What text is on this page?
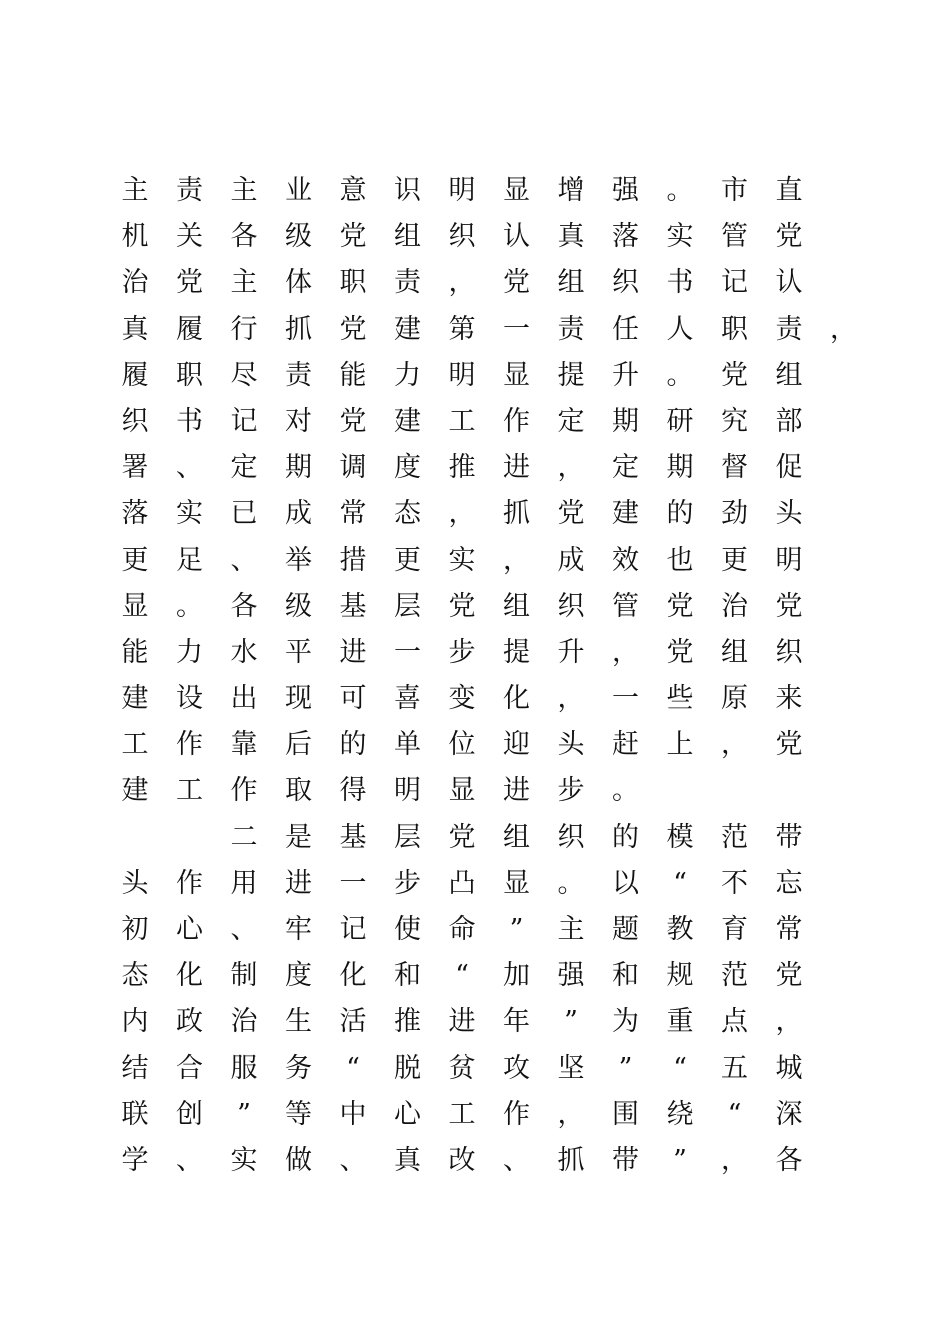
主	责	主	业	意	识	明	显	增	强	。	市	直
机	关	各	级	党	组	织	认	真	落	实	管	党
治	党	主	体	职	责	，	党	组	织	书	记	认
真	履	行	抓	党	建	第	一	责	任	人	职	责	，
履	职	尽	责	能	力	明	显	提	升	。	党	组
织	书	记	对	党	建	工	作	定	期	研	究	部
署	、	定	期	调	度	推	进	，	定	期	督	促
落	实	已	成	常	态	，	抓	党	建	的	劲	头
更	足	、	举	措	更	实	，	成	效	也	更	明
显	。	各	级	基	层	党	组	织	管	党	治	党
能	力	水	平	进	一	步	提	升	，	党	组	织
建	设	出	现	可	喜	变	化	，	一	些	原	来
工	作	靠	后	的	单	位	迎	头	赶	上	，	党
建	工	作	取	得	明	显	进	步	。
二	是	基	层	党	组	织	的	模	范	带
头	作	用	进	一	步	凸	显	。	以	“	不	忘
初	心	、	牢	记	使	命	”	主	题	教	育	常
态	化	制	度	化	和	“	加	强	和	规	范	党
内	政	治	生	活	推	进	年	”	为	重	点	，
结	合	服	务	“	脱	贫	攻	坚	”	“	五	城
联	创	”	等	中	心	工	作	，	围	绕	“	深
学	、	实	做	、	真	改	、	抓	带	”	，	各
